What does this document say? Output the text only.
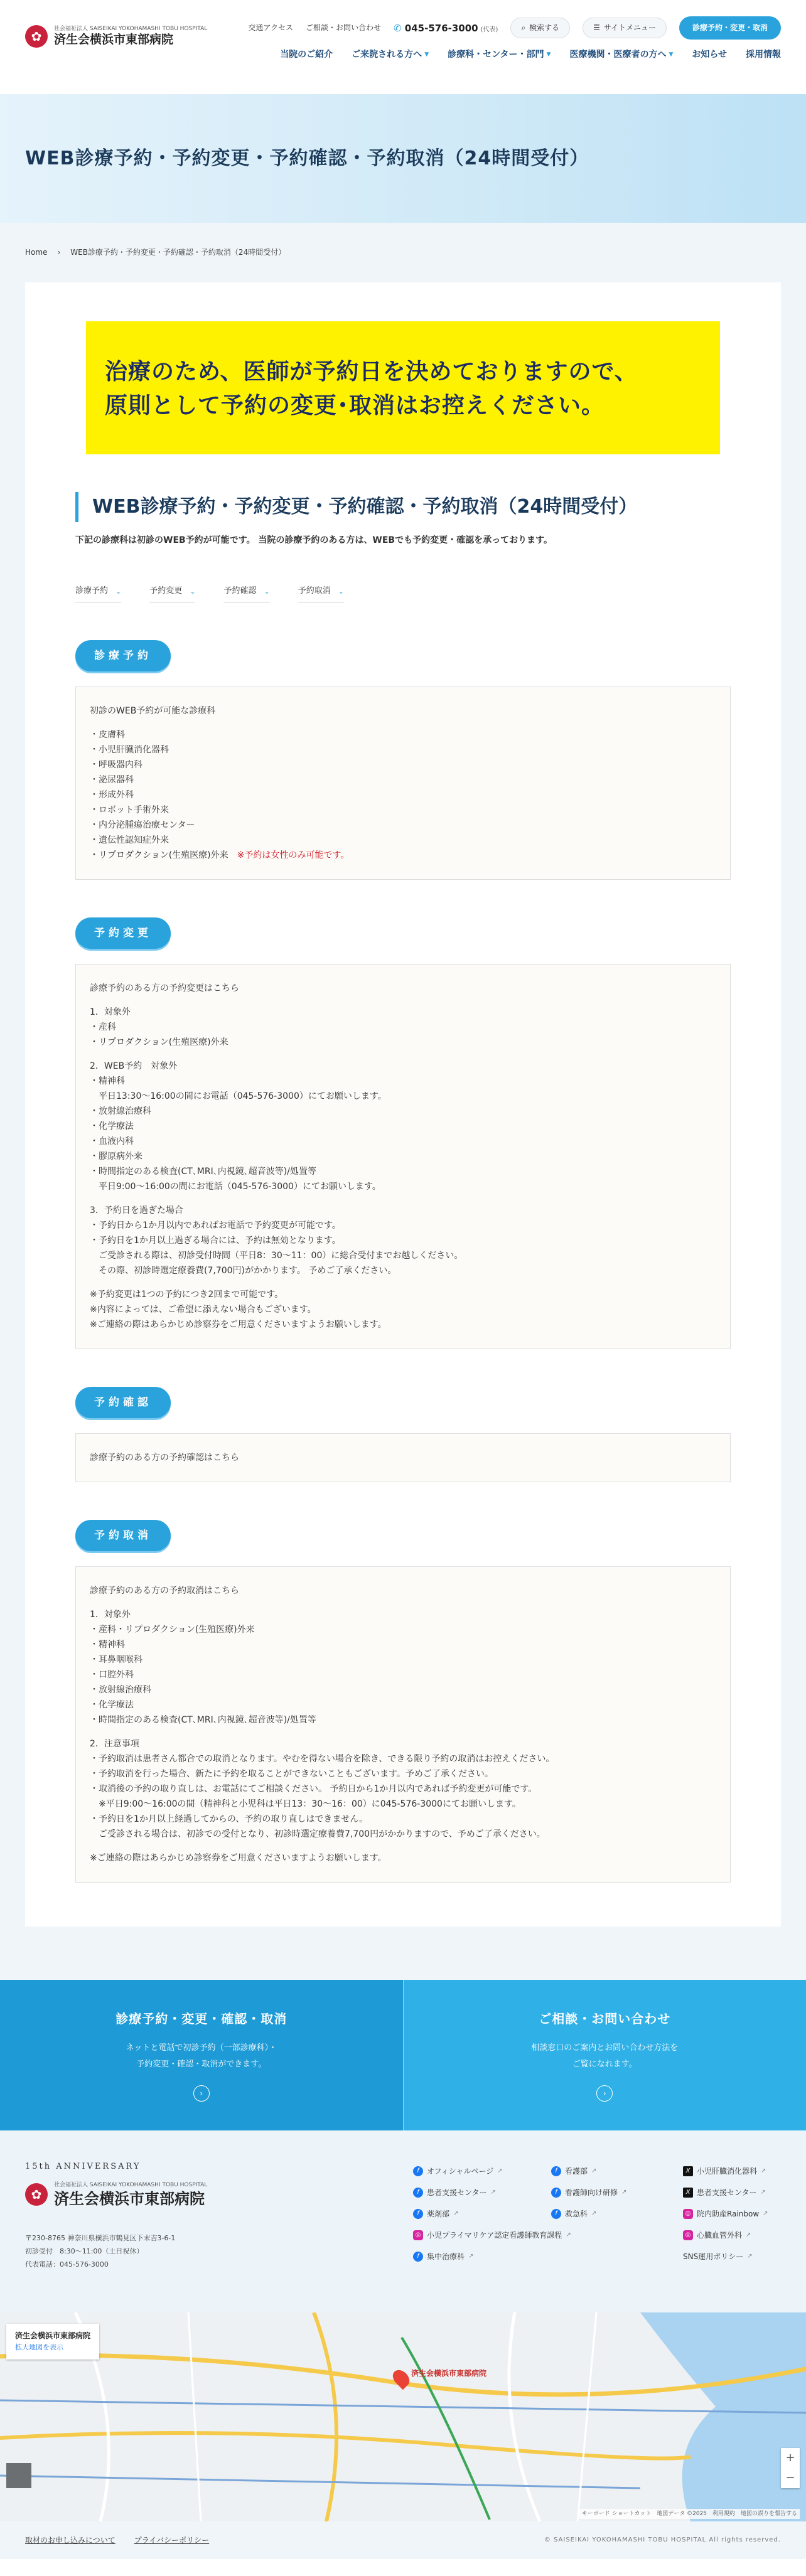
✿	社会福祉法人 SAISEIKAI YOKOHAMASHI TOBU HOSPITAL
済生会横浜市東部病院
交通アクセス ご相談・お問い合わせ ✆ 045-576-3000 (代表)	⌕ 検索する	☰ サイトメニュー	診療予約・変更・取消
当院のご紹介 ご来院される方へ ▼ 診療科・センター・部門 ▼ 医療機関・医療者の方へ ▼ お知らせ 採用情報
WEB診療予約・予約変更・予約確認・予約取消（24時間受付）
Home › WEB診療予約・予約変更・予約確認・予約取消（24時間受付）
治療のため、医師が予約日を決めておりますので、
原則として予約の変更･取消はお控えください。
WEB診療予約・予約変更・予約確認・予約取消（24時間受付）

下記の診療科は初診のWEB予約が可能です。 当院の診療予約のある方は、WEBでも予約変更・確認を承っております。

診療予約 ⌄	予約変更 ⌄	予約確認 ⌄	予約取消 ⌄
診療予約

初診のWEB予約が可能な診療科

・皮膚科

・小児肝臓消化器科

・呼吸器内科

・泌尿器科

・形成外科

・ロボット手術外来

・内分泌腫瘍治療センター

・遺伝性認知症外来

・リプロダクション(生殖医療)外来　 ※予約は女性のみ可能です。

予約変更

診療予約のある方の予約変更はこちら

1．対象外

・産科

・リプロダクション(生殖医療)外来

2．WEB予約　対象外

・精神科

平日13:30～16:00の間にお電話（045-576-3000）にてお願いします。

・放射線治療科

・化学療法

・血液内科

・膠原病外来

・時間指定のある検査(CT､MRI､内視鏡､超音波等)/処置等

平日9:00～16:00の間にお電話（045-576-3000）にてお願いします。

3．予約日を過ぎた場合

・予約日から1か月以内であればお電話で予約変更が可能です。

・予約日を1か月以上過ぎる場合には、予約は無効となります。

ご受診される際は、初診受付時間（平日8：30～11：00）に総合受付までお越しください。

その際、初診時選定療養費(7,700円)がかかります。 予めご了承ください。

※予約変更は1つの予約につき2回まで可能です。

※内容によっては、ご希望に添えない場合もございます。

※ご連絡の際はあらかじめ診察券をご用意くださいますようお願いします。

予約確認

診療予約のある方の予約確認はこちら

予約取消

診療予約のある方の予約取消はこちら

1．対象外

・産科・リプロダクション(生殖医療)外来

・精神科

・耳鼻咽喉科

・口腔外科

・放射線治療科

・化学療法

・時間指定のある検査(CT､MRI､内視鏡､超音波等)/処置等

2．注意事項

・予約取消は患者さん都合での取消となります。やむを得ない場合を除き、できる限り予約の取消はお控えください。

・予約取消を行った場合、新たに予約を取ることができないこともございます。予めご了承ください。

・取消後の予約の取り直しは、お電話にてご相談ください。 予約日から1か月以内であれば予約変更が可能です。

※平日9:00～16:00の間（精神科と小児科は平日13：30～16：00）に045-576-3000にてお願いします。

・予約日を1か月以上経過してからの、予約の取り直しはできません。

ご受診される場合は、初診での受付となり、初診時選定療養費7,700円がかかりますので、予めご了承ください。

※ご連絡の際はあらかじめ診察券をご用意くださいますようお願いします。

診療予約・変更・確認・取消

ネットと電話で初診予約（一部診療科）・

予約変更・確認・取消ができます。

›
ご相談・お問い合わせ

相談窓口のご案内とお問い合わせ方法を

ご覧になれます。

›
15th ANNIVERSARY
✿
社会福祉法人 SAISEIKAI YOKOHAMASHI TOBU HOSPITAL
済生会横浜市東部病院
〒230-8765 神奈川県横浜市鶴見区下末吉3-6-1
初診受付　8:30～11:00（土日祝休）
代表電話：045-576-3000
f	オフィシャルページ ↗	f	看護部 ↗	X 小児肝臓消化器科 ↗
f	患者支援センター ↗	f	看護師向け研修 ↗	X 患者支援センター ↗
f	薬剤部 ↗	f	救急科 ↗	◎ 院内助産Rainbow ↗
◎ 小児プライマリケア認定看護師教育課程 ↗	◎ 心臓血管外科 ↗
f	集中治療科 ↗	SNS運用ポリシー ↗
済生会横浜市東部病院
拡大地図を表示
済生会横浜市東部病院
+
−
キーボード ショートカット　地図データ ©2025　利用規約　地図の誤りを報告する
取材のお申し込みについて	プライバシーポリシー	© SAISEIKAI YOKOHAMASHI TOBU HOSPITAL All rights reserved.
